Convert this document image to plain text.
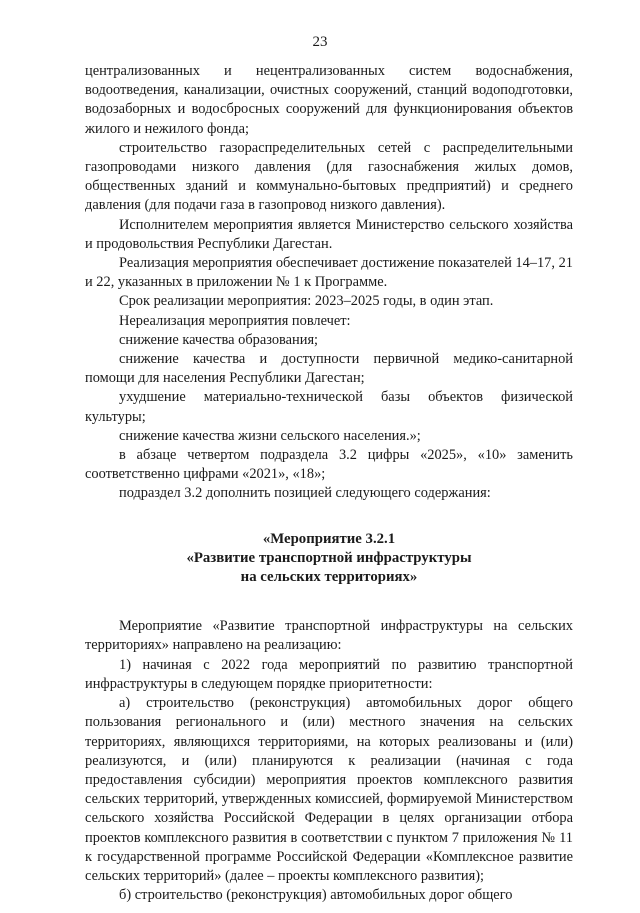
23

централизованных и нецентрализованных систем водоснабжения, водоотведения, канализации, очистных сооружений, станций водоподготовки, водозаборных и водосбросных сооружений для функционирования объектов жилого и нежилого фонда;

строительство газораспределительных сетей с распределительными газопроводами низкого давления (для газоснабжения жилых домов, общественных зданий и коммунально-бытовых предприятий) и среднего давления (для подачи газа в газопровод низкого давления).

Исполнителем мероприятия является Министерство сельского хозяйства и продовольствия Республики Дагестан.

Реализация мероприятия обеспечивает достижение показателей 14–17, 21 и 22, указанных в приложении № 1 к Программе.

Срок реализации мероприятия: 2023–2025 годы, в один этап.

Нереализация мероприятия повлечет:

снижение качества образования;

снижение качества и доступности первичной медико-санитарной помощи для населения Республики Дагестан;

ухудшение материально-технической базы объектов физической культуры;

снижение качества жизни сельского населения.»;

в абзаце четвертом подраздела 3.2 цифры «2025», «10» заменить соответственно цифрами «2021», «18»;

подраздел 3.2 дополнить позицией следующего содержания:

«Мероприятие 3.2.1
«Развитие транспортной инфраструктуры
на сельских территориях»

Мероприятие «Развитие транспортной инфраструктуры на сельских территориях» направлено на реализацию:

1) начиная с 2022 года мероприятий по развитию транспортной инфраструктуры в следующем порядке приоритетности:

а) строительство (реконструкция) автомобильных дорог общего пользования регионального и (или) местного значения на сельских территориях, являющихся территориями, на которых реализованы и (или) реализуются, и (или) планируются к реализации (начиная с года предоставления субсидии) мероприятия проектов комплексного развития сельских территорий, утвержденных комиссией, формируемой Министерством сельского хозяйства Российской Федерации в целях организации отбора проектов комплексного развития в соответствии с пунктом 7 приложения № 11 к государственной программе Российской Федерации «Комплексное развитие сельских территорий» (далее – проекты комплексного развития);

б) строительство (реконструкция) автомобильных дорог общего
